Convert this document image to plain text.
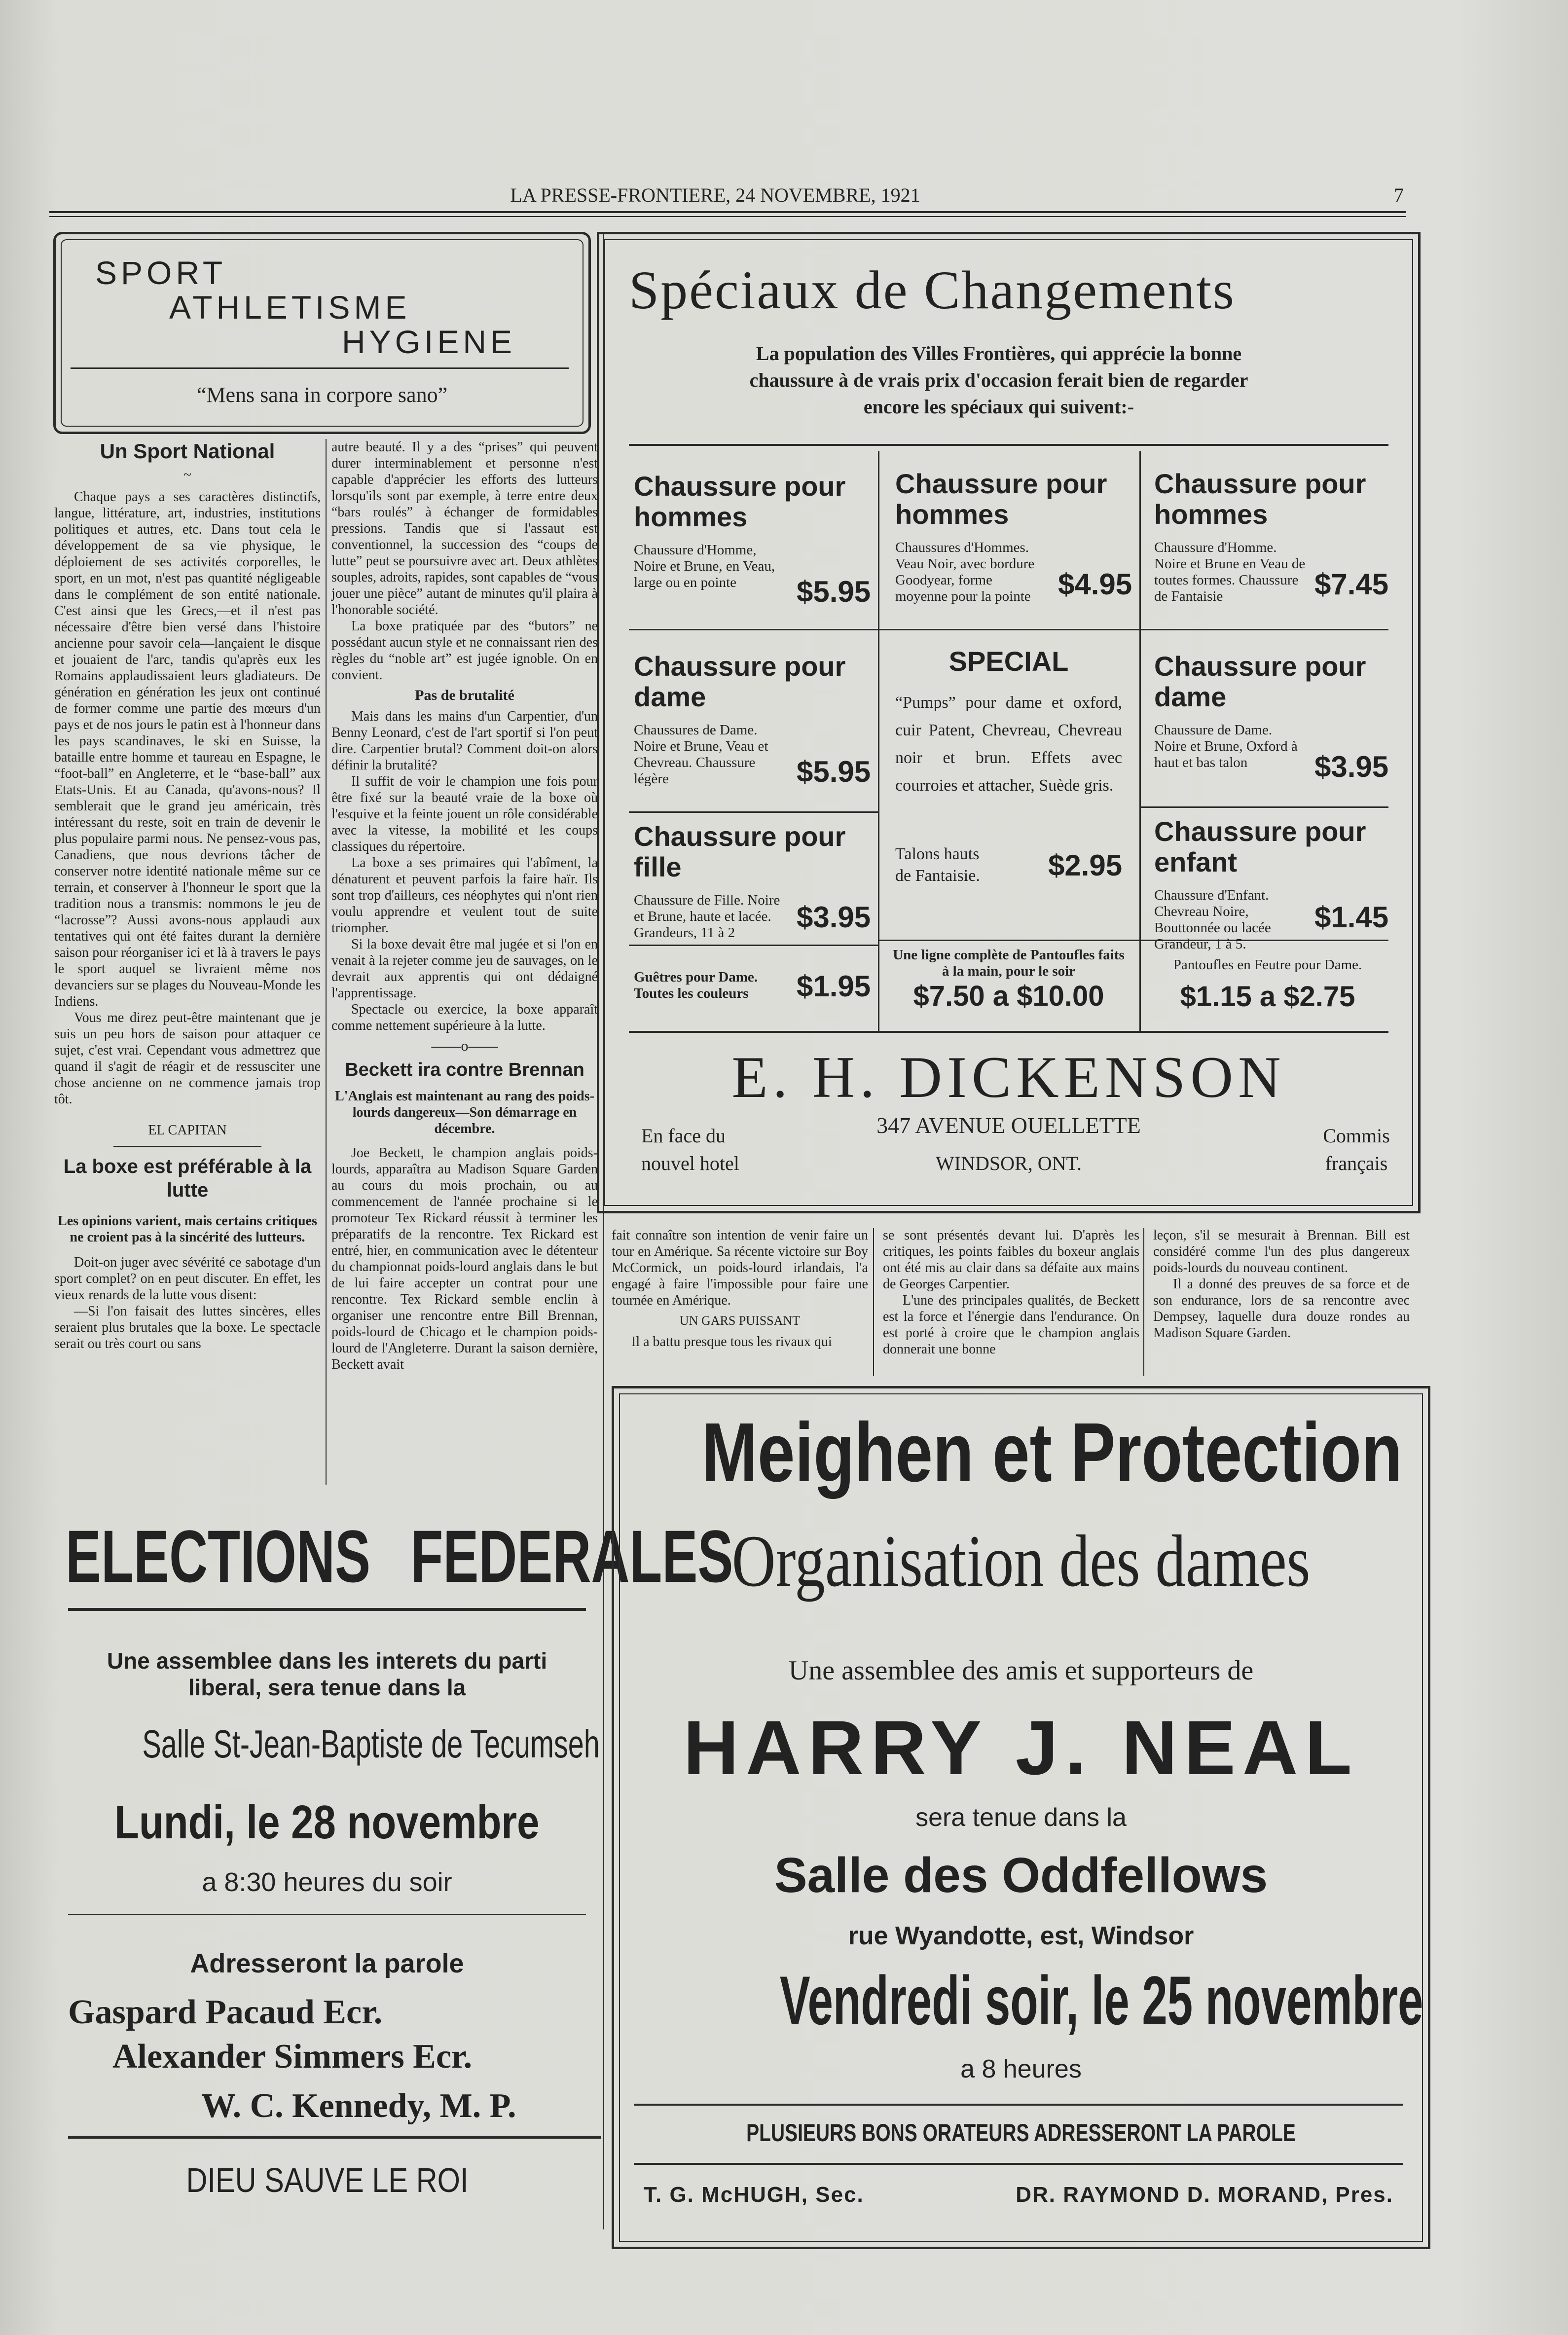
LA PRESSE-FRONTIERE, 24 NOVEMBRE, 1921	7
SPORT
ATHLETISME
HYGIENE
“Mens sana in corpore sano”
Un Sport National
~

Chaque pays a ses caractères distinctifs, langue, littérature, art, industries, institutions politiques et autres, etc. Dans tout cela le développement de sa vie physique, le déploiement de ses activités corporelles, le sport, en un mot, n'est pas quantité négligeable dans le complément de son entité nationale. C'est ainsi que les Grecs,—et il n'est pas nécessaire d'être bien versé dans l'histoire ancienne pour savoir cela—lançaient le disque et jouaient de l'arc, tandis qu'après eux les Romains applaudissaient leurs gladiateurs. De génération en génération les jeux ont continué de former comme une partie des mœurs d'un pays et de nos jours le patin est à l'honneur dans les pays scandinaves, le ski en Suisse, la bataille entre homme et taureau en Espagne, le “foot-ball” en Angleterre, et le “base-ball” aux Etats-Unis. Et au Canada, qu'avons-nous? Il semblerait que le grand jeu américain, très intéressant du reste, soit en train de devenir le plus populaire parmi nous. Ne pensez-vous pas, Canadiens, que nous devrions tâcher de conserver notre identité nationale même sur ce terrain, et conserver à l'honneur le sport que la tradition nous a transmis: nommons le jeu de “lacrosse”? Aussi avons-nous applaudi aux tentatives qui ont été faites durant la dernière saison pour réorganiser ici et là à travers le pays le sport auquel se livraient même nos devanciers sur se plages du Nouveau-Monde les Indiens.

Vous me direz peut-être maintenant que je suis un peu hors de saison pour attaquer ce sujet, c'est vrai. Cependant vous admettrez que quand il s'agit de réagir et de ressusciter une chose ancienne on ne commence jamais trop tôt.

EL CAPITAN
La boxe est préférable à la lutte
Les opinions varient, mais certains critiques ne croient pas à la sincérité des lutteurs.

Doit-on juger avec sévérité ce sabotage d'un sport complet? on en peut discuter. En effet, les vieux renards de la lutte vous disent:

—Si l'on faisait des luttes sincères, elles seraient plus brutales que la boxe. Le spectacle serait ou très court ou sans

autre beauté. Il y a des “prises” qui peuvent durer interminablement et personne n'est capable d'apprécier les efforts des lutteurs lorsqu'ils sont par exemple, à terre entre deux “bars roulés” à échanger de formidables pressions. Tandis que si l'assaut est conventionnel, la succession des “coups de lutte” peut se poursuivre avec art. Deux athlètes souples, adroits, rapides, sont capables de “vous jouer une pièce” autant de minutes qu'il plaira à l'honorable société.

La boxe pratiquée par des “butors” ne possédant aucun style et ne connaissant rien des règles du “noble art” est jugée ignoble. On en convient.

Pas de brutalité

Mais dans les mains d'un Carpentier, d'un Benny Leonard, c'est de l'art sportif si l'on peut dire. Carpentier brutal? Comment doit-on alors définir la brutalité?

Il suffit de voir le champion une fois pour être fixé sur la beauté vraie de la boxe où l'esquive et la feinte jouent un rôle considérable avec la vitesse, la mobilité et les coups classiques du répertoire.

La boxe a ses primaires qui l'abîment, la dénaturent et peuvent parfois la faire haïr. Ils sont trop d'ailleurs, ces néophytes qui n'ont rien voulu apprendre et veulent tout de suite triompher.

Si la boxe devait être mal jugée et si l'on en venait à la rejeter comme jeu de sauvages, on le devrait aux apprentis qui ont dédaigné l'apprentissage.

Spectacle ou exercice, la boxe apparaît comme nettement supérieure à la lutte.

——o——
Beckett ira contre Brennan
L'Anglais est maintenant au rang des poids-lourds dangereux—Son démarrage en décembre.

Joe Beckett, le champion anglais poids-lourds, apparaîtra au Madison Square Garden au cours du mois prochain, ou au commencement de l'année prochaine si le promoteur Tex Rickard réussit à terminer les préparatifs de la rencontre. Tex Rickard est entré, hier, en communication avec le détenteur du championnat poids-lourd anglais dans le but de lui faire accepter un contrat pour une rencontre. Tex Rickard semble enclin à organiser une rencontre entre Bill Brennan, poids-lourd de Chicago et le champion poids-lourd de l'Angleterre. Durant la saison dernière, Beckett avait

fait connaître son intention de venir faire un tour en Amérique. Sa récente victoire sur Boy McCormick, un poids-lourd irlandais, l'a engagé à faire l'impossible pour faire une tournée en Amérique.

UN GARS PUISSANT

Il a battu presque tous les rivaux qui

se sont présentés devant lui. D'après les critiques, les points faibles du boxeur anglais ont été mis au clair dans sa défaite aux mains de Georges Carpentier.

L'une des principales qualités, de Beckett est la force et l'énergie dans l'endurance. On est porté à croire que le champion anglais donnerait une bonne

leçon, s'il se mesurait à Brennan. Bill est considéré comme l'un des plus dangereux poids-lourds du nouveau continent.

Il a donné des preuves de sa force et de son endurance, lors de sa rencontre avec Dempsey, laquelle dura douze rondes au Madison Square Garden.

Spéciaux de Changements
La population des Villes Frontières, qui apprécie la bonne chaussure à de vrais prix d'occasion ferait bien de regarder encore les spéciaux qui suivent:-
Chaussure pour hommes
Chaussure d'Homme, Noire et Brune, en Veau, large ou en pointe	$5.95
Chaussure pour hommes
Chaussures d'Hommes. Veau Noir, avec bordure Goodyear, forme moyenne pour la pointe $4.95
Chaussure pour hommes
Chaussure d'Homme. Noire et Brune en Veau de toutes formes. Chaussure de Fantaisie	$7.45
Chaussure pour dame
Chaussures de Dame. Noire et Brune, Veau et Chevreau. Chaussure légère	$5.95
SPECIAL
“Pumps” pour dame et oxford, cuir Patent, Chevreau, Chevreau noir et brun. Effets avec courroies et attacher, Suède gris.
Talons hauts de Fantaisie.	$2.95
Chaussure pour dame
Chaussure de Dame. Noire et Brune, Oxford à haut et bas talon	$3.95
Chaussure pour fille
Chaussure de Fille. Noire et Brune, haute et lacée. Grandeurs, 11 à 2	$3.95
Chaussure pour enfant
Chaussure d'Enfant. Chevreau Noire, Bouttonnée ou lacée Grandeur, 1 à 5.
$1.45
Guêtres pour Dame. Toutes les couleurs	$1.95
Une ligne complète de Pantoufles faits à la main, pour le soir
$7.50 a $10.00
Pantoufles en Feutre pour Dame.
$1.15 a $2.75
E. H. DICKENSON
347 AVENUE OUELLETTE
WINDSOR, ONT.
En face du nouvel hotel
Commis français
ELECTIONS FEDERALES
Une assemblee dans les interets du parti liberal, sera tenue dans la
Salle St-Jean-Baptiste de Tecumseh
Lundi, le 28 novembre
a 8:30 heures du soir
Adresseront la parole
Gaspard Pacaud Ecr.
Alexander Simmers Ecr.
W. C. Kennedy, M. P.
DIEU SAUVE LE ROI
Meighen et Protection
Organisation des dames
Une assemblee des amis et supporteurs de
HARRY J. NEAL
sera tenue dans la
Salle des Oddfellows
rue Wyandotte, est, Windsor
Vendredi soir, le 25 novembre
a 8 heures
PLUSIEURS BONS ORATEURS ADRESSERONT LA PAROLE
T. G. McHUGH, Sec.	DR. RAYMOND D. MORAND, Pres.
